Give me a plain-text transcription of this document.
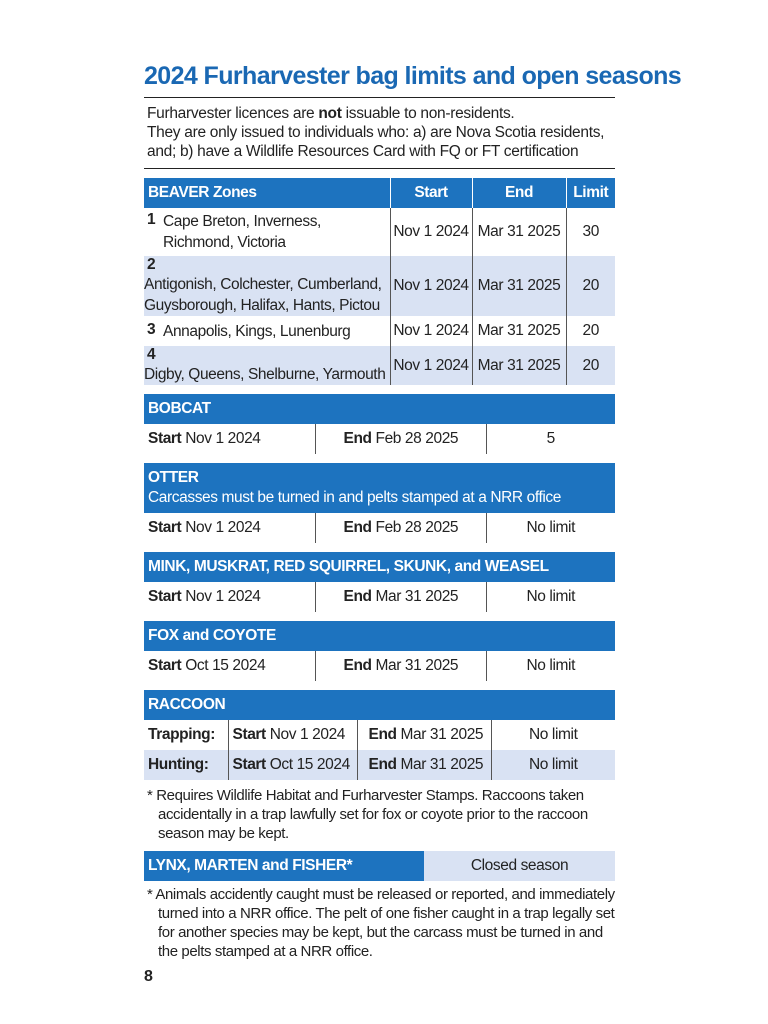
2024 Furharvester bag limits and open seasons
Furharvester licences are not issuable to non-residents.
They are only issued to individuals who: a) are Nova Scotia residents,
and; b) have a Wildlife Resources Card with FQ or FT certification
BEAVER Zones	Start	End	Limit
1 Cape Breton, Inverness,
Richmond, Victoria	Nov 1 2024	Mar 31 2025	30
2Antigonish, Colchester, Cumberland,
Guysborough, Halifax, Hants, Pictou	Nov 1 2024	Mar 31 2025	20
3 Annapolis, Kings, Lunenburg	Nov 1 2024	Mar 31 2025	20
4Digby, Queens, Shelburne, Yarmouth	Nov 1 2024	Mar 31 2025	20
BOBCAT
Start Nov 1 2024	End Feb 28 2025	5
OTTER
Carcasses must be turned in and pelts stamped at a NRR office
Start Nov 1 2024	End Feb 28 2025	No limit
MINK, MUSKRAT, RED SQUIRREL, SKUNK, and WEASEL
Start Nov 1 2024	End Mar 31 2025	No limit
FOX and COYOTE
Start Oct 15 2024	End Mar 31 2025	No limit
RACCOON
Trapping:	Start Nov 1 2024	End Mar 31 2025	No limit
Hunting:	Start Oct 15 2024	End Mar 31 2025	No limit
* Requires Wildlife Habitat and Furharvester Stamps. Raccoons taken
accidentally in a trap lawfully set for fox or coyote prior to the raccoon
season may be kept.
LYNX, MARTEN and FISHER*	Closed season
* Animals accidently caught must be released or reported, and immediately
turned into a NRR office. The pelt of one fisher caught in a trap legally set
for another species may be kept, but the carcass must be turned in and
the pelts stamped at a NRR office.
8
